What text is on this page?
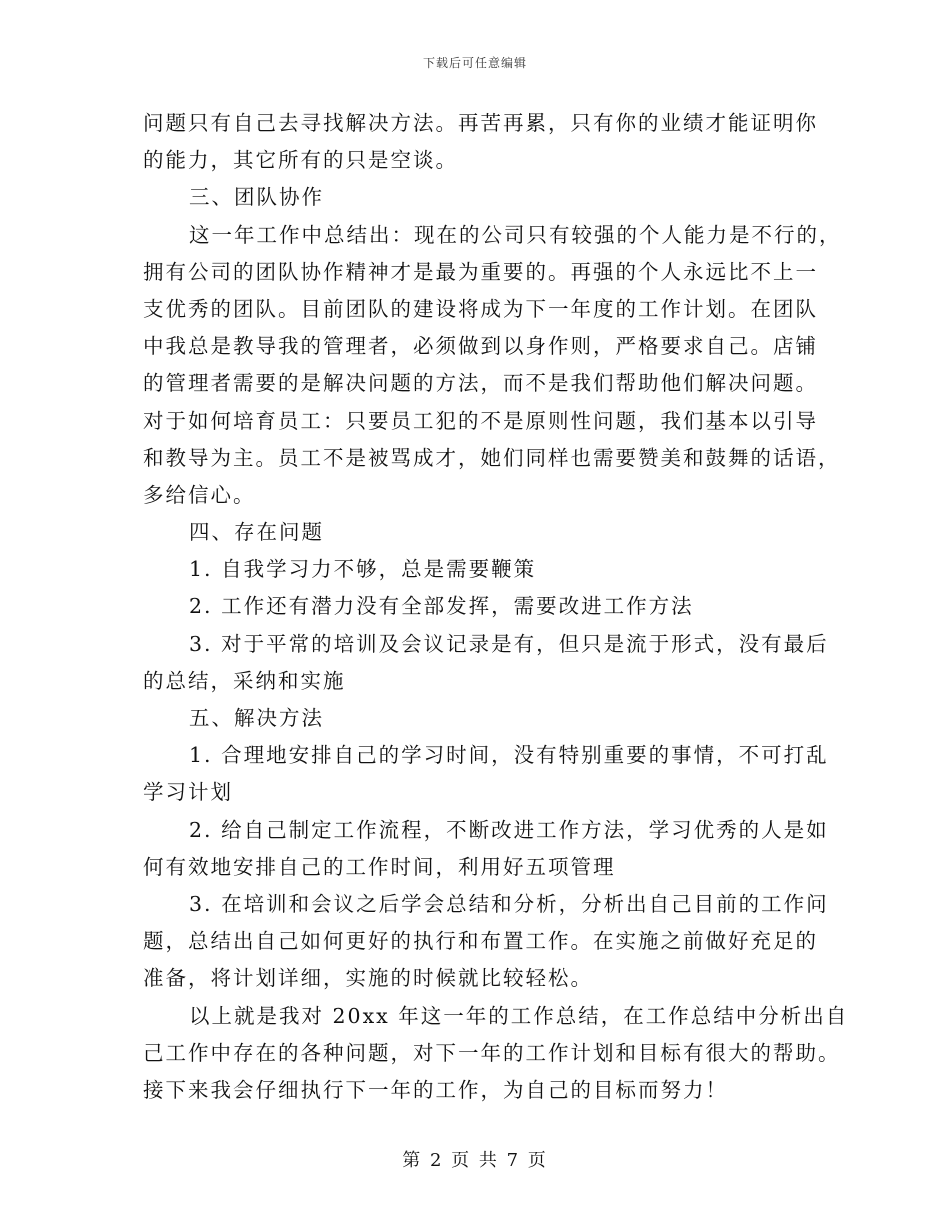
下载后可任意编辑
问题只有自己去寻找解决方法。再苦再累，只有你的业绩才能证明你
的能力，其它所有的只是空谈。
三、团队协作
这一年工作中总结出：现在的公司只有较强的个人能力是不行的，
拥有公司的团队协作精神才是最为重要的。再强的个人永远比不上一
支优秀的团队。目前团队的建设将成为下一年度的工作计划。在团队
中我总是教导我的管理者，必须做到以身作则，严格要求自己。店铺
的管理者需要的是解决问题的方法，而不是我们帮助他们解决问题。
对于如何培育员工：只要员工犯的不是原则性问题，我们基本以引导
和教导为主。员工不是被骂成才，她们同样也需要赞美和鼓舞的话语，
多给信心。
四、存在问题
1. 自我学习力不够，总是需要鞭策
2. 工作还有潜力没有全部发挥，需要改进工作方法
3. 对于平常的培训及会议记录是有，但只是流于形式，没有最后
的总结，采纳和实施
五、解决方法
1. 合理地安排自己的学习时间，没有特别重要的事情，不可打乱
学习计划
2. 给自己制定工作流程，不断改进工作方法，学习优秀的人是如
何有效地安排自己的工作时间，利用好五项管理
3. 在培训和会议之后学会总结和分析，分析出自己目前的工作问
题，总结出自己如何更好的执行和布置工作。在实施之前做好充足的
准备，将计划详细，实施的时候就比较轻松。
以上就是我对 20xx 年这一年的工作总结，在工作总结中分析出自
己工作中存在的各种问题，对下一年的工作计划和目标有很大的帮助。
接下来我会仔细执行下一年的工作，为自己的目标而努力！
第 2 页 共 7 页
